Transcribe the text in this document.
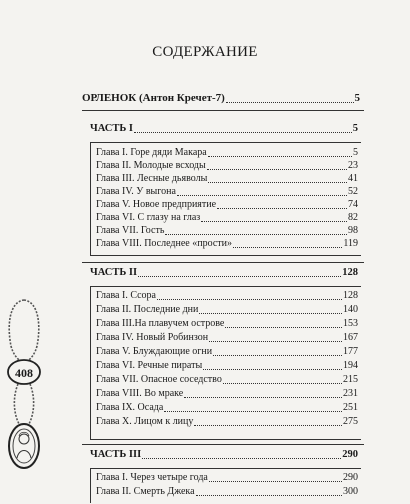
СОДЕРЖАНИЕ
ОРЛЕНОК (Антон Кречет-7)	5
ЧАСТЬ I	5
Глава I. Горе дяди Макара	5
Глава II. Молодые всходы	23
Глава III. Лесные дьяволы	41
Глава IV. У выгона	52
Глава V. Новое предприятие	74
Глава VI. С глазу на глаз	82
Глава VII. Гость	98
Глава VIII. Последнее «прости»	119
ЧАСТЬ II	128
Глава I. Ссора	128
Глава II. Последние дни	140
Глава III.На плавучем острове	153
Глава IV. Новый Робинзон	167
Глава V. Блуждающие огни	177
Глава VI. Речные пираты	194
Глава VII. Опасное соседство	215
Глава VIII. Во мраке	231
Глава IX. Осада	251
Глава X. Лицом к лицу	275
ЧАСТЬ III	290
Глава I. Через четыре года	290
Глава II. Смерть Джека	300
408
